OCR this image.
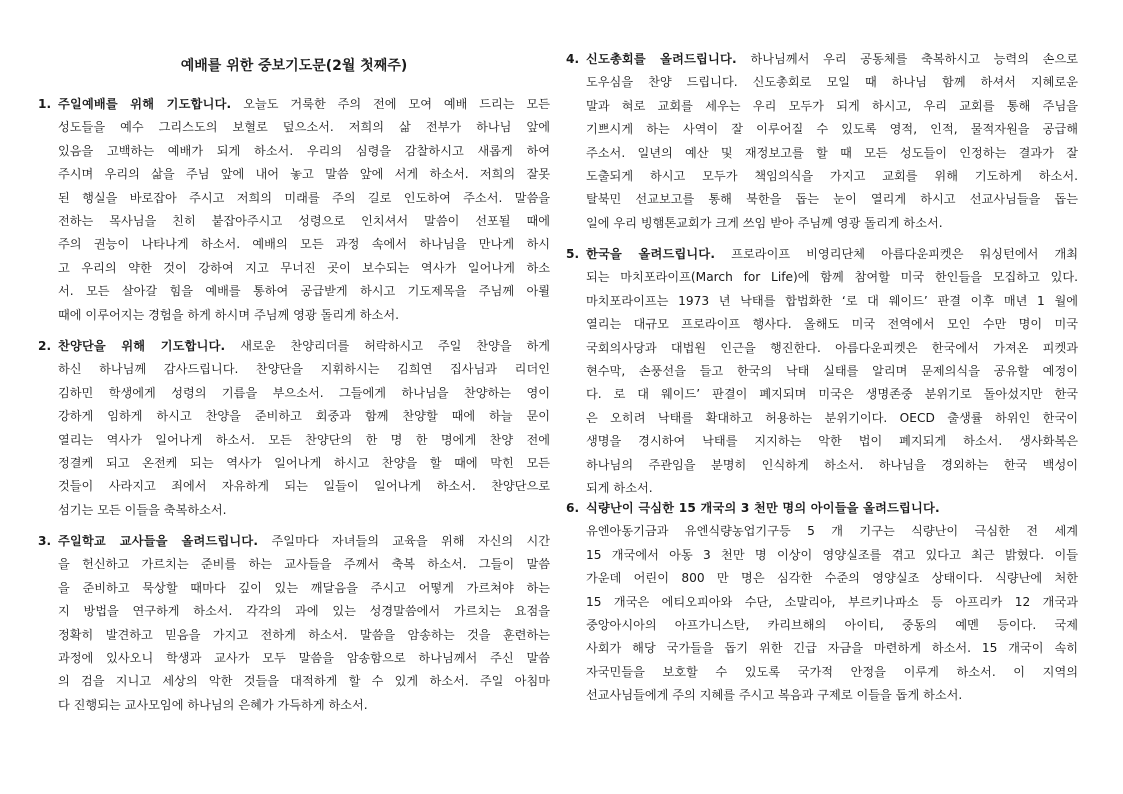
예배를 위한 중보기도문(2월 첫째주)
1. 주일예배를 위해 기도합니다. 오늘도 거룩한 주의 전에 모여 예배 드리는 모든
성도들을 예수 그리스도의 보혈로 덮으소서. 저희의 삶 전부가 하나님 앞에
있음을 고백하는 예배가 되게 하소서. 우리의 심령을 감찰하시고 새롭게 하여
주시며 우리의 삶을 주님 앞에 내어 놓고 말씀 앞에 서게 하소서. 저희의 잘못
된 행실을 바로잡아 주시고 저희의 미래를 주의 길로 인도하여 주소서. 말씀을
전하는 목사님을 친히 붙잡아주시고 성령으로 인치셔서 말씀이 선포될 때에
주의 권능이 나타나게 하소서. 예배의 모든 과정 속에서 하나님을 만나게 하시
고 우리의 약한 것이 강하여 지고 무너진 곳이 보수되는 역사가 일어나게 하소
서. 모든 살아갈 힘을 예배를 통하여 공급받게 하시고 기도제목을 주님께 아뢸
때에 이루어지는 경험을 하게 하시며 주님께 영광 돌리게 하소서.
2. 찬양단을 위해 기도합니다. 새로운 찬양리더를 허락하시고 주일 찬양을 하게
하신 하나님께 감사드립니다. 찬양단을 지휘하시는 김희연 집사님과 리더인
김하민 학생에게 성령의 기름을 부으소서. 그들에게 하나님을 찬양하는 영이
강하게 임하게 하시고 찬양을 준비하고 회중과 함께 찬양할 때에 하늘 문이
열리는 역사가 일어나게 하소서. 모든 찬양단의 한 명 한 명에게 찬양 전에
정결케 되고 온전케 되는 역사가 일어나게 하시고 찬양을 할 때에 막힌 모든
것들이 사라지고 죄에서 자유하게 되는 일들이 일어나게 하소서. 찬양단으로
섬기는 모든 이들을 축복하소서.
3. 주일학교 교사들을 올려드립니다. 주일마다 자녀들의 교육을 위해 자신의 시간
을 헌신하고 가르치는 준비를 하는 교사들을 주께서 축복 하소서. 그들이 말씀
을 준비하고 묵상할 때마다 깊이 있는 깨달음을 주시고 어떻게 가르쳐야 하는
지 방법을 연구하게 하소서. 각각의 과에 있는 성경말씀에서 가르치는 요점을
정확히 발견하고 믿음을 가지고 전하게 하소서. 말씀을 암송하는 것을 훈련하는
과정에 있사오니 학생과 교사가 모두 말씀을 암송함으로 하나님께서 주신 말씀
의 검을 지니고 세상의 악한 것들을 대적하게 할 수 있게 하소서. 주일 아침마
다 진행되는 교사모임에 하나님의 은혜가 가득하게 하소서.
4. 신도총회를 올려드립니다. 하나님께서 우리 공동체를 축복하시고 능력의 손으로
도우심을 찬양 드립니다. 신도총회로 모일 때 하나님 함께 하셔서 지혜로운
말과 혀로 교회를 세우는 우리 모두가 되게 하시고, 우리 교회를 통해 주님을
기쁘시게 하는 사역이 잘 이루어질 수 있도록 영적, 인적, 물적자원을 공급해
주소서. 일년의 예산 및 재정보고를 할 때 모든 성도들이 인정하는 결과가 잘
도출되게 하시고 모두가 책임의식을 가지고 교회를 위해 기도하게 하소서.
탈북민 선교보고를 통해 북한을 돕는 눈이 열리게 하시고 선교사님들을 돕는
일에 우리 빙햄톤교회가 크게 쓰임 받아 주님께 영광 돌리게 하소서.
5. 한국을 올려드립니다. 프로라이프 비영리단체 아름다운피켓은 워싱턴에서 개최
되는 마치포라이프(March for Life)에 함께 참여할 미국 한인들을 모집하고 있다.
마치포라이프는 1973 년 낙태를 합법화한 ‘로 대 웨이드’ 판결 이후 매년 1 월에
열리는 대규모 프로라이프 행사다. 올해도 미국 전역에서 모인 수만 명이 미국
국회의사당과 대법원 인근을 행진한다. 아름다운피켓은 한국에서 가져온 피켓과
현수막, 손풍선을 들고 한국의 낙태 실태를 알리며 문제의식을 공유할 예정이
다. 로 대 웨이드’ 판결이 폐지되며 미국은 생명존중 분위기로 돌아섰지만 한국
은 오히려 낙태를 확대하고 허용하는 분위기이다. OECD 출생률 하위인 한국이
생명을 경시하여 낙태를 지지하는 악한 법이 폐지되게 하소서. 생사화복은
하나님의 주관임을 분명히 인식하게 하소서. 하나님을 경외하는 한국 백성이
되게 하소서.
6. 식량난이 극심한 15 개국의 3 천만 명의 아이들을 올려드립니다.
유엔아동기금과 유엔식량농업기구등 5 개 기구는 식량난이 극심한 전 세계
15 개국에서 아동 3 천만 명 이상이 영양실조를 겪고 있다고 최근 밝혔다. 이들
가운데 어린이 800 만 명은 심각한 수준의 영양실조 상태이다. 식량난에 처한
15 개국은 에티오피아와 수단, 소말리아, 부르키나파소 등 아프리카 12 개국과
중앙아시아의 아프가니스탄, 카리브해의 아이티, 중동의 예멘 등이다. 국제
사회가 해당 국가들을 돕기 위한 긴급 자금을 마련하게 하소서. 15 개국이 속히
자국민들을 보호할 수 있도록 국가적 안정을 이루게 하소서. 이 지역의
선교사님들에게 주의 지혜를 주시고 복음과 구제로 이들을 돕게 하소서.
